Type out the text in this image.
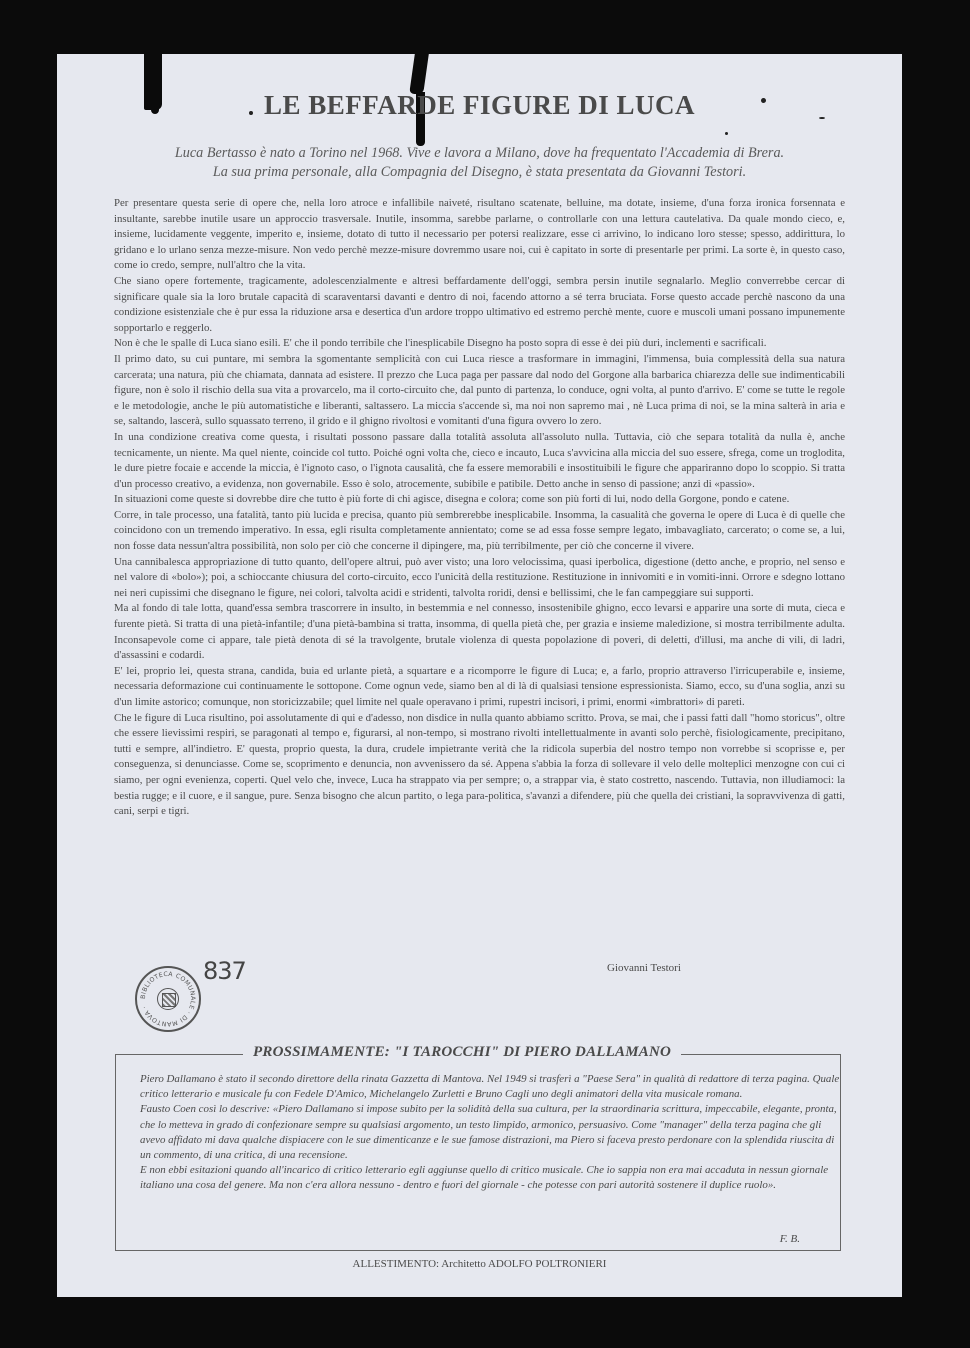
LE BEFFARDE FIGURE DI LUCA
Luca Bertasso è nato a Torino nel 1968. Vive e lavora a Milano, dove ha frequentato l'Accademia di Brera.
La sua prima personale, alla Compagnia del Disegno, è stata presentata da Giovanni Testori.

Per presentare questa serie di opere che, nella loro atroce e infallibile naiveté, risultano scatenate, belluine, ma dotate, insieme, d'una forza ironica forsennata e insultante, sarebbe inutile usare un approccio trasversale. Inutile, insomma, sarebbe parlarne, o controllarle con una lettura cautelativa. Da quale mondo cieco, e, insieme, lucidamente veggente, imperito e, insieme, dotato di tutto il necessario per potersi realizzare, esse ci arrivino, lo indicano loro stesse; spesso, addirittura, lo gridano e lo urlano senza mezze-misure. Non vedo perchè mezze-misure dovremmo usare noi, cui è capitato in sorte di presentarle per primi. La sorte è, in questo caso, come io credo, sempre, null'altro che la vita.

Che siano opere fortemente, tragicamente, adolescenzialmente e altresì beffardamente dell'oggi, sembra persin inutile segnalarlo. Meglio converrebbe cercar di significare quale sia la loro brutale capacità di scaraventarsi davanti e dentro di noi, facendo attorno a sé terra bruciata. Forse questo accade perchè nascono da una condizione esistenziale che è pur essa la riduzione arsa e desertica d'un ardore troppo ultimativo ed estremo perchè mente, cuore e muscoli umani possano impunemente sopportarlo e reggerlo.

Non è che le spalle di Luca siano esili. E' che il pondo terribile che l'inesplicabile Disegno ha posto sopra di esse è dei più duri, inclementi e sacrificali.

Il primo dato, su cui puntare, mi sembra la sgomentante semplicità con cui Luca riesce a trasformare in immagini, l'immensa, buia complessità della sua natura carcerata; una natura, più che chiamata, dannata ad esistere. Il prezzo che Luca paga per passare dal nodo del Gorgone alla barbarica chiarezza delle sue indimenticabili figure, non è solo il rischio della sua vita a provarcelo, ma il corto-circuito che, dal punto di partenza, lo conduce, ogni volta, al punto d'arrivo. E' come se tutte le regole e le metodologie, anche le più automatistiche e liberanti, saltassero. La miccia s'accende sì, ma noi non sapremo mai , nè Luca prima di noi, se la mina salterà in aria e se, saltando, lascerà, sullo squassato terreno, il grido e il ghigno rivoltosi e vomitanti d'una figura ovvero lo zero.

In una condizione creativa come questa, i risultati possono passare dalla totalità assoluta all'assoluto nulla. Tuttavia, ciò che separa totalità da nulla è, anche tecnicamente, un niente. Ma quel niente, coincide col tutto. Poiché ogni volta che, cieco e incauto, Luca s'avvicina alla miccia del suo essere, sfrega, come un troglodita, le dure pietre focaie e accende la miccia, è l'ignoto caso, o l'ignota causalità, che fa essere memorabili e insostituibili le figure che appariranno dopo lo scoppio. Si tratta d'un processo creativo, a evidenza, non governabile. Esso è solo, atrocemente, subibile e patibile. Detto anche in senso di passione; anzi di «passio».

In situazioni come queste si dovrebbe dire che tutto è più forte di chi agisce, disegna e colora; come son più forti di lui, nodo della Gorgone, pondo e catene.

Corre, in tale processo, una fatalità, tanto più lucida e precisa, quanto più sembrerebbe inesplicabile. Insomma, la casualità che governa le opere di Luca è di quelle che coincidono con un tremendo imperativo. In essa, egli risulta completamente annientato; come se ad essa fosse sempre legato, imbavagliato, carcerato; o come se, a lui, non fosse data nessun'altra possibilità, non solo per ciò che concerne il dipingere, ma, più terribilmente, per ciò che concerne il vivere.

Una cannibalesca appropriazione di tutto quanto, dell'opere altrui, può aver visto; una loro velocissima, quasi iperbolica, digestione (detto anche, e proprio, nel senso e nel valore di «bolo»); poi, a schioccante chiusura del corto-circuito, ecco l'unicità della restituzione. Restituzione in innivomiti e in vomiti-inni. Orrore e sdegno lottano nei neri cupissimi che disegnano le figure, nei colori, talvolta acidi e stridenti, talvolta roridi, densi e bellissimi, che le fan campeggiare sui supporti.

Ma al fondo di tale lotta, quand'essa sembra trascorrere in insulto, in bestemmia e nel connesso, insostenibile ghigno, ecco levarsi e apparire una sorte di muta, cieca e furente pietà. Si tratta di una pietà-infantile; d'una pietà-bambina si tratta, insomma, di quella pietà che, per grazia e insieme maledizione, si mostra terribilmente adulta. Inconsapevole come ci appare, tale pietà denota di sé la travolgente, brutale violenza di questa popolazione di poveri, di deletti, d'illusi, ma anche di vili, di ladri, d'assassini e codardi.

E' lei, proprio lei, questa strana, candida, buia ed urlante pietà, a squartare e a ricomporre le figure di Luca; e, a farlo, proprio attraverso l'irricuperabile e, insieme, necessaria deformazione cui continuamente le sottopone. Come ognun vede, siamo ben al di là di qualsiasi tensione espressionista. Siamo, ecco, su d'una soglia, anzi su d'un limite astorico; comunque, non storicizzabile; quel limite nel quale operavano i primi, rupestri incisori, i primi, enormi «imbrattori» di pareti.

Che le figure di Luca risultino, poi assolutamente di qui e d'adesso, non disdice in nulla quanto abbiamo scritto. Prova, se mai, che i passi fatti dall "homo storicus", oltre che essere lievissimi respiri, se paragonati al tempo e, figurarsi, al non-tempo, si mostrano rivolti intellettualmente in avanti solo perchè, fisiologicamente, precipitano, tutti e sempre, all'indietro. E' questa, proprio questa, la dura, crudele impietrante verità che la ridicola superbia del nostro tempo non vorrebbe si scoprisse e, per conseguenza, si denunciasse. Come se, scoprimento e denuncia, non avvenissero da sé. Appena s'abbia la forza di sollevare il velo delle molteplici menzogne con cui ci siamo, per ogni evenienza, coperti. Quel velo che, invece, Luca ha strappato via per sempre; o, a strappar via, è stato costretto, nascendo. Tuttavia, non illudiamoci: la bestia rugge; e il cuore, e il sangue, pure. Senza bisogno che alcun partito, o lega para-politica, s'avanzi a difendere, più che quella dei cristiani, la sopravvivenza di gatti, cani, serpi e tigri.

BIBLIOTECA COMUNALE · DI MANTOVA ·
837	Giovanni Testori
PROSSIMAMENTE: "I TAROCCHI" DI PIERO DALLAMANO

Piero Dallamano è stato il secondo direttore della rinata Gazzetta di Mantova. Nel 1949 si trasferì a "Paese Sera" in qualità di redattore di terza pagina. Quale critico letterario e musicale fu con Fedele D'Amico, Michelangelo Zurletti e Bruno Cagli uno degli animatori della vita musicale romana.

Fausto Coen così lo descrive: «Piero Dallamano si impose subito per la solidità della sua cultura, per la straordinaria scrittura, impeccabile, elegante, pronta, che lo metteva in grado di confezionare sempre su qualsiasi argomento, un testo limpido, armonico, persuasivo. Come "manager" della terza pagina che gli avevo affidato mi dava qualche dispiacere con le sue dimenticanze e le sue famose distrazioni, ma Piero si faceva presto perdonare con la splendida riuscita di un commento, di una critica, di una recensione.

E non ebbi esitazioni quando all'incarico di critico letterario egli aggiunse quello di critico musicale. Che io sappia non era mai accaduta in nessun giornale italiano una cosa del genere. Ma non c'era allora nessuno - dentro e fuori del giornale - che potesse con pari autorità sostenere il duplice ruolo».

F. B.
ALLESTIMENTO: Architetto ADOLFO POLTRONIERI
